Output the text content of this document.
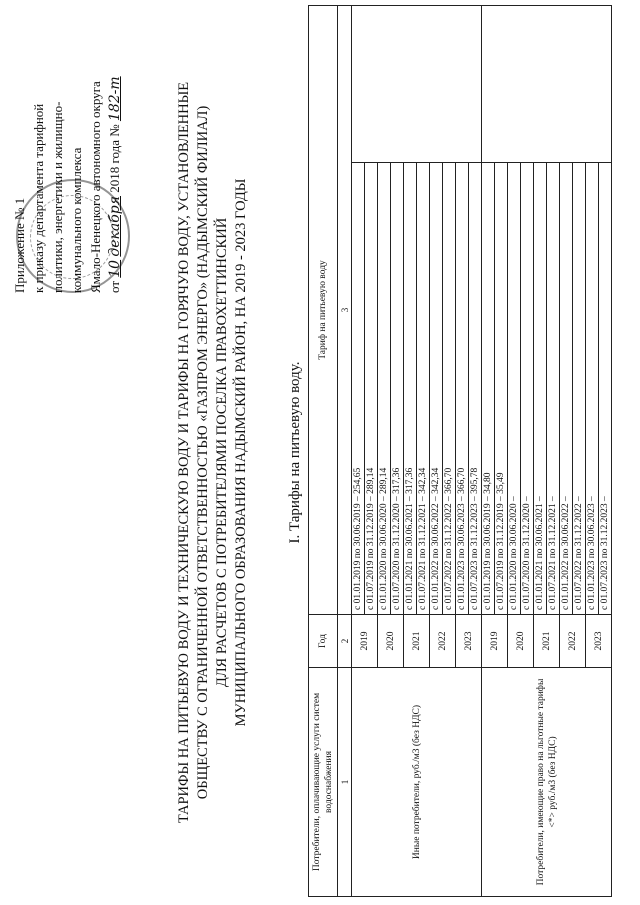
Приложение № 1 к приказу департамента тарифной политики, энергетики и жилищно- коммунального комплекса Ямало-Ненецкого автономного округа от 10 декабря 2018 года № 182-т	ТАРИФЫ НА ПИТЬЕВУЮ ВОДУ И ТЕХНИЧЕСКУЮ ВОДУ И ТАРИФЫ НА ГОРЯЧУЮ ВОДУ, УСТАНОВЛЕННЫЕ ОБЩЕСТВУ С ОГРАНИЧЕННОЙ ОТВЕТСТВЕННОСТЬЮ «ГАЗПРОМ ЭНЕРГО» (НАДЫМСКИЙ ФИЛИАЛ) ДЛЯ РАСЧЕТОВ С ПОТРЕБИТЕЛЯМИ ПОСЕЛКА ПРАВОХЕТТИНСКИЙ МУНИЦИПАЛЬНОГО ОБРАЗОВАНИЯ НАДЫМСКИЙ РАЙОН, НА 2019 - 2023 ГОДЫ	I. Тарифы на питьевую воду.
Потребители, оплачивающие услуги систем водоснабжения	Год	Тариф на питьевую воду	
1	2	3	
Иные потребители, руб./м3 (без НДС)	2019	с 01.01.2019 по 30.06.2019 – 254,65	
		с 01.07.2019 по 31.12.2019 – 289,14	
	2020	с 01.01.2020 по 30.06.2020 – 289,14	
		с 01.07.2020 по 31.12.2020 – 317,36	
	2021	с 01.01.2021 по 30.06.2021 – 317,36	
		с 01.07.2021 по 31.12.2021 – 342,34	
	2022	с 01.01.2022 по 30.06.2022 – 342,34	
		с 01.07.2022 по 31.12.2022 – 366,70	
	2023	с 01.01.2023 по 30.06.2023 – 366,70	
		с 01.07.2023 по 31.12.2023 – 395,78	
Потребители, имеющие право на льготные тарифы <*> руб./м3 (без НДС)	2019	с 01.01.2019 по 30.06.2019 – 34,80	
		с 01.07.2019 по 31.12.2019 – 35,49	
	2020	с 01.01.2020 по 30.06.2020 –	
		с 01.07.2020 по 31.12.2020 –	
	2021	с 01.01.2021 по 30.06.2021 –	
		с 01.07.2021 по 31.12.2021 –	
	2022	с 01.01.2022 по 30.06.2022 –	
		с 01.07.2022 по 31.12.2022 –	
	2023	с 01.01.2023 по 30.06.2023 –	
		с 01.07.2023 по 31.12.2023 –	
